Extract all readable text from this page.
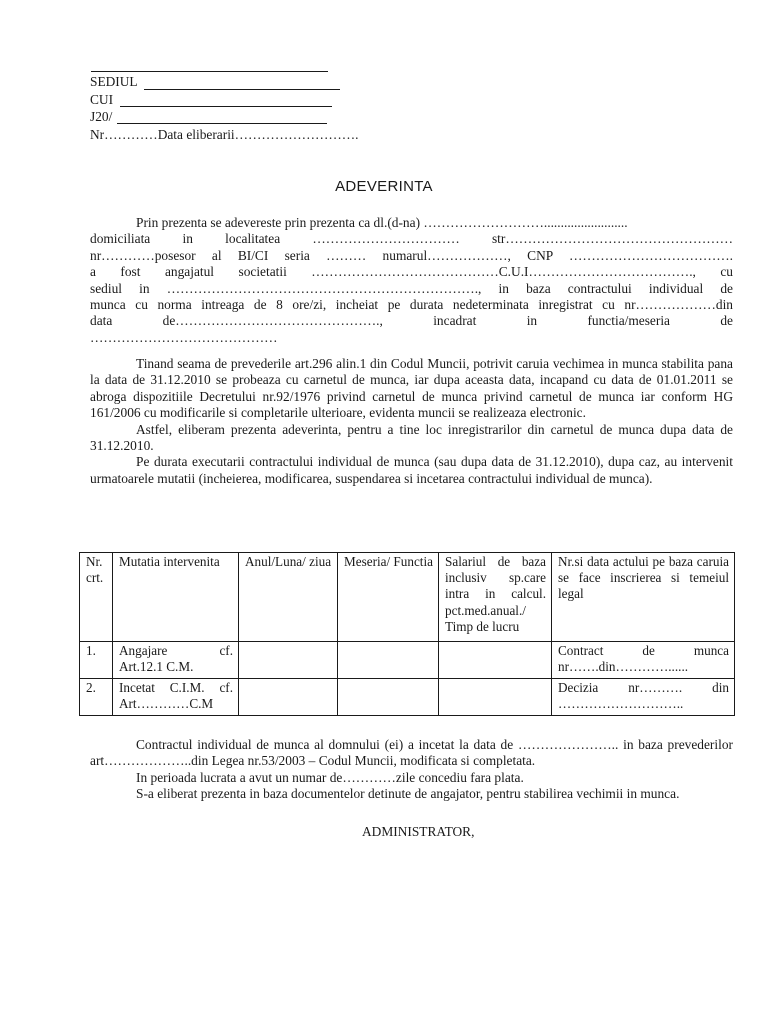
SEDIUL
CUI
J20/
Nr…………Data eliberarii……………………….
ADEVERINTA
Prin prezenta se adevereste prin prezenta ca dl.(d-na) ……………………….........................
domiciliata in localitatea …………………………… str……………………………………………
nr…………posesor al BI/CI seria ……… numarul………………, CNP ……………………………….
a fost angajatul societatii ……………………………………C.U.I………………………………., cu
sediul in ……………………………………………………………., in baza contractului individual de
munca cu norma intreaga de 8 ore/zi, incheiat pe durata nedeterminata inregistrat cu nr………………din
data de………………………………………., incadrat in functia/meseria de
……………………………………

Tinand seama de prevederile art.296 alin.1 din Codul Muncii, potrivit caruia vechimea in munca stabilita pana la data de 31.12.2010 se probeaza cu carnetul de munca, iar dupa aceasta data, incapand cu data de 01.01.2011 se abroga dispozitiile Decretului nr.92/1976 privind carnetul de munca privind carnetul de munca iar conform HG 161/2006 cu modificarile si completarile ulterioare, evidenta muncii se realizeaza electronic.

Astfel, eliberam prezenta adeverinta, pentru a tine loc inregistrarilor din carnetul de munca dupa data de 31.12.2010.

Pe durata executarii contractului individual de munca (sau dupa data de 31.12.2010), dupa caz, au intervenit urmatoarele mutatii (incheierea, modificarea, suspendarea si incetarea contractului individual de munca).

Nr. crt.	Mutatia intervenita	Anul/Luna/ ziua	Meseria/ Functia	Salariul de baza inclusiv sp.care intra in calcul. pct.med.anual./ Timp de lucru	Nr.si data actului pe baza caruia se face inscrierea si temeiul legal
1.	Angajare cf.
Art.12.1 C.M.				Contract de munca
nr…….din…………......
2.	Incetat C.I.M. cf.
Art…………C.M				Decizia nr………. din
………………………..

Contractul individual de munca al domnului (ei) a incetat la data de ………………….. in baza prevederilor art………………..din Legea nr.53/2003 – Codul Muncii, modificata si completata.

In perioada lucrata a avut un numar de…………zile concediu fara plata.

S-a eliberat prezenta in baza documentelor detinute de angajator, pentru stabilirea vechimii in munca.

ADMINISTRATOR,
